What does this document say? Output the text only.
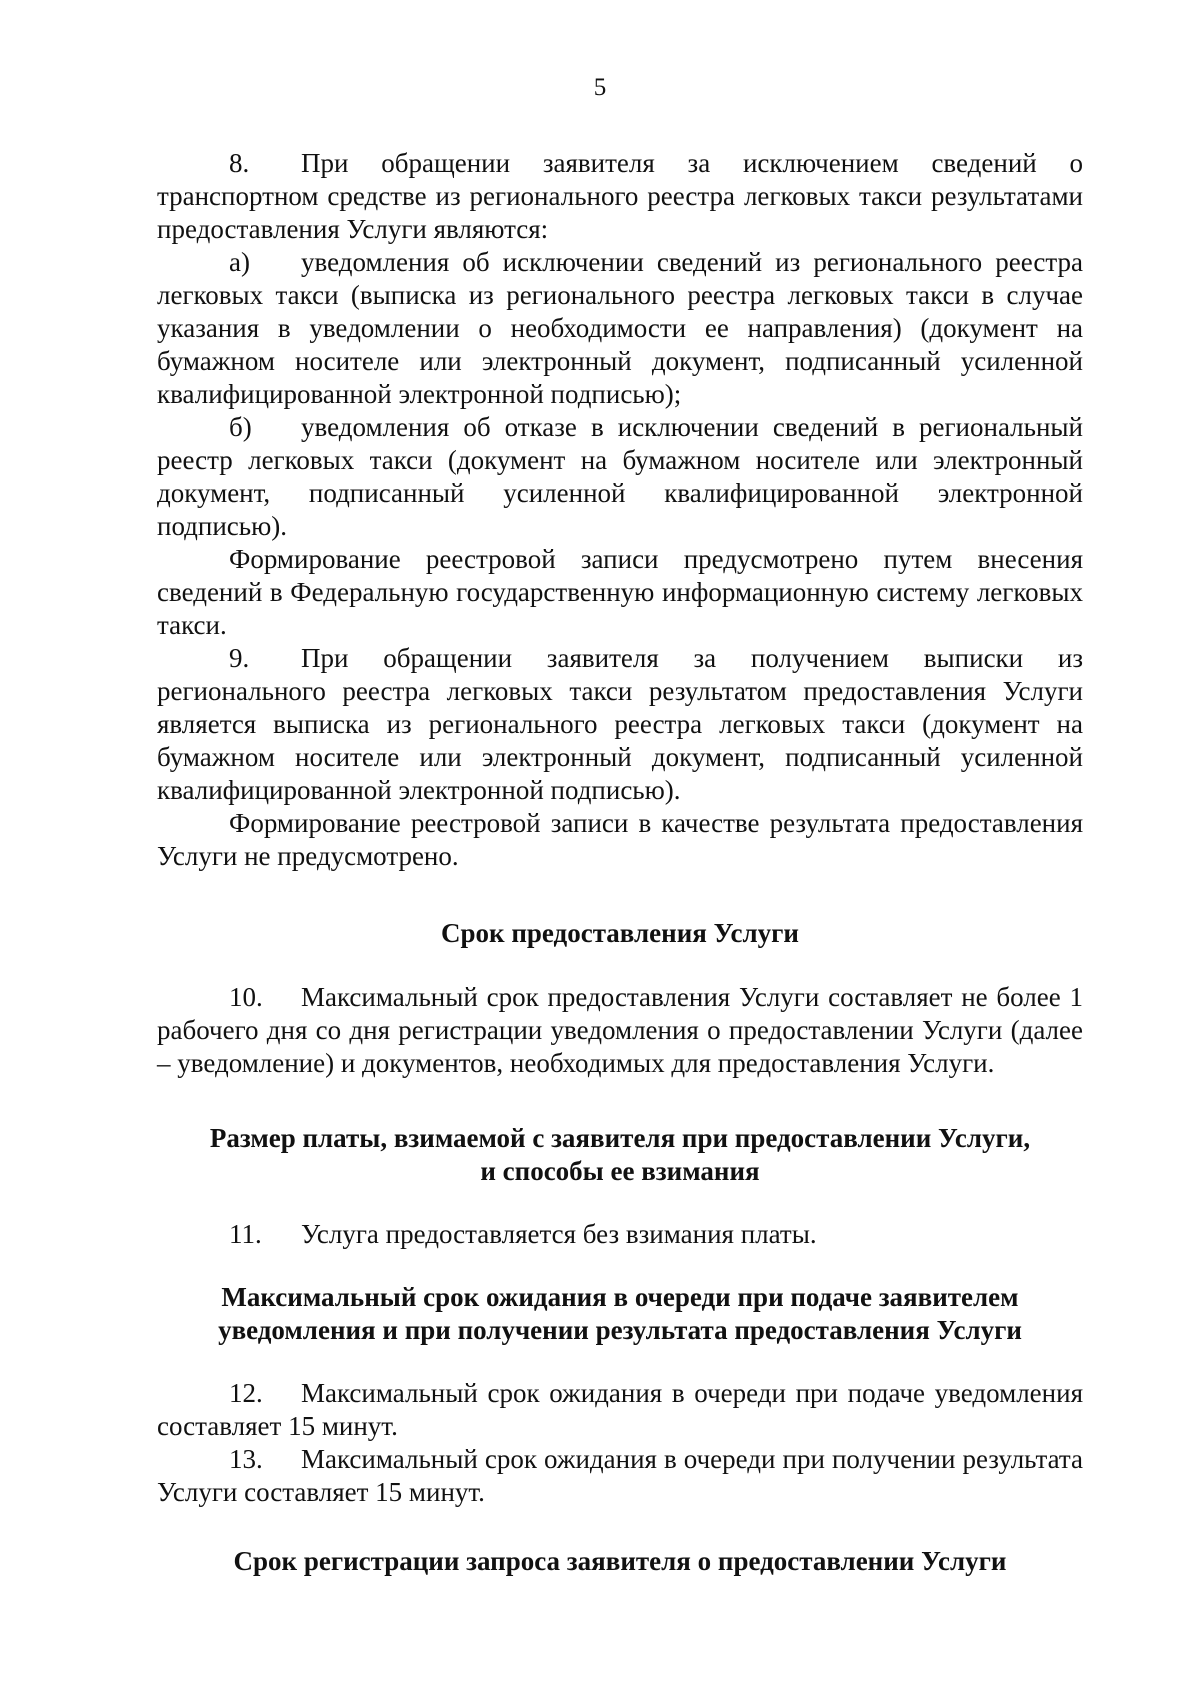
5

8. При обращении заявителя за исключением сведений о транспортном средстве из регионального реестра легковых такси результатами предоставления Услуги являются:

а) уведомления об исключении сведений из регионального реестра легковых такси (выписка из регионального реестра легковых такси в случае указания в уведомлении о необходимости ее направления) (документ на бумажном носителе или электронный документ, подписанный усиленной квалифицированной электронной подписью);

б) уведомления об отказе в исключении сведений в региональный реестр легковых такси (документ на бумажном носителе или электронный документ, подписанный усиленной квалифицированной электронной подписью).

Формирование реестровой записи предусмотрено путем внесения сведений в Федеральную государственную информационную систему легковых такси.

9. При обращении заявителя за получением выписки из регионального реестра легковых такси результатом предоставления Услуги является выписка из регионального реестра легковых такси (документ на бумажном носителе или электронный документ, подписанный усиленной квалифицированной электронной подписью).

Формирование реестровой записи в качестве результата предоставления Услуги не предусмотрено.

Срок предоставления Услуги

10. Максимальный срок предоставления Услуги составляет не более 1 рабочего дня со дня регистрации уведомления о предоставлении Услуги (далее – уведомление) и документов, необходимых для предоставления Услуги.

Размер платы, взимаемой с заявителя при предоставлении Услуги,
и способы ее взимания

11. Услуга предоставляется без взимания платы.

Максимальный срок ожидания в очереди при подаче заявителем
уведомления и при получении результата предоставления Услуги

12. Максимальный срок ожидания в очереди при подаче уведомления составляет 15 минут.

13. Максимальный срок ожидания в очереди при получении результата Услуги составляет 15 минут.

Срок регистрации запроса заявителя о предоставлении Услуги
